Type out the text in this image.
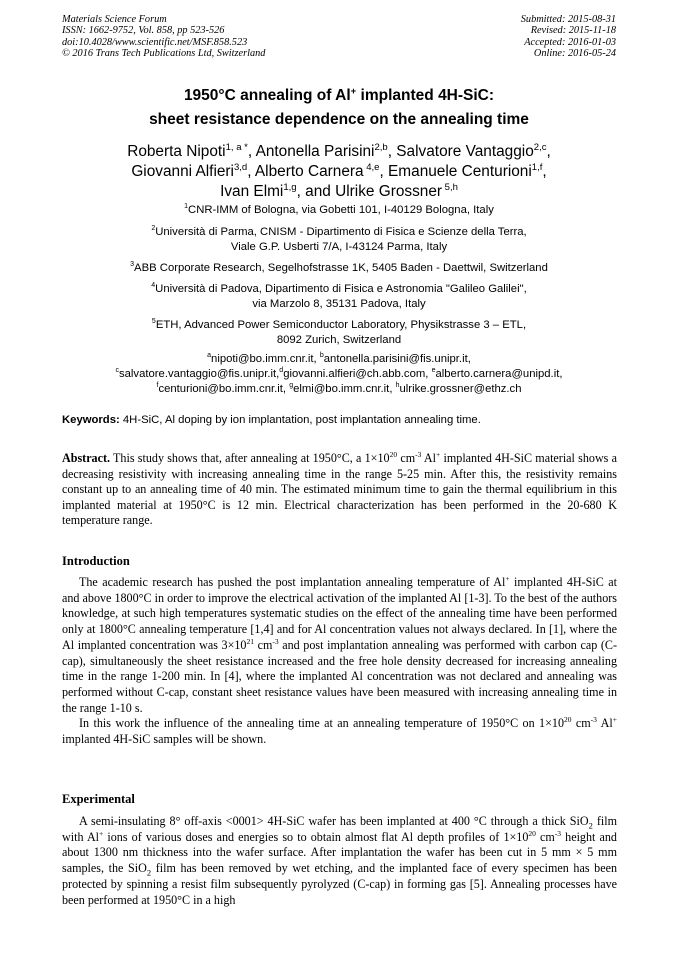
Materials Science Forum
ISSN: 1662-9752, Vol. 858, pp 523-526
doi:10.4028/www.scientific.net/MSF.858.523
© 2016 Trans Tech Publications Ltd, Switzerland
Submitted: 2015-08-31
Revised: 2015-11-18
Accepted: 2016-01-03
Online: 2016-05-24
1950°C annealing of Al+ implanted 4H-SiC:
sheet resistance dependence on the annealing time
Roberta Nipoti$^{1, a *}$, Antonella Parisini$^{2,b}$, Salvatore Vantaggio$^{2,c}$,
Giovanni Alfieri$^{3,d}$, Alberto Carnera $^{4,e}$, Emanuele Centurioni$^{1,f}$,
Ivan Elmi$^{1,g}$, and Ulrike Grossner $^{5,h}$
$^1$CNR-IMM of Bologna, via Gobetti 101, I-40129 Bologna, Italy
$^2$Università di Parma, CNISM - Dipartimento di Fisica e Scienze della Terra,
Viale G.P. Usberti 7/A, I-43124 Parma, Italy
$^3$ABB Corporate Research, Segelhofstrasse 1K, 5405 Baden - Daettwil, Switzerland
$^4$Università di Padova, Dipartimento di Fisica e Astronomia "Galileo Galilei",
via Marzolo 8, 35131 Padova, Italy
$^5$ETH, Advanced Power Semiconductor Laboratory, Physikstrasse 3 – ETL,
8092 Zurich, Switzerland
$^a$nipoti@bo.imm.cnr.it, $^b$antonella.parisini@fis.unipr.it,
$^c$salvatore.vantaggio@fis.unipr.it,$^d$giovanni.alfieri@ch.abb.com, $^e$alberto.carnera@unipd.it,
$^f$centurioni@bo.imm.cnr.it, $^g$elmi@bo.imm.cnr.it, $^h$ulrike.grossner@ethz.ch
Keywords: 4H-SiC, Al doping by ion implantation, post implantation annealing time.
Abstract. This study shows that, after annealing at 1950°C, a $1\times 10^{20}$ $cm^{-3}$ Al+ implanted 4H-SiC material shows a decreasing resistivity with increasing annealing time in the range 5-25 min. After this, the resistivity remains constant up to an annealing time of 40 min. The estimated minimum time to gain the thermal equilibrium in this implanted material at 1950°C is 12 min. Electrical characterization has been performed in the 20-680 K temperature range.
Introduction

The academic research has pushed the post implantation annealing temperature of Al+ implanted 4H-SiC at and above 1800°C in order to improve the electrical activation of the implanted Al [1-3]. To the best of the authors knowledge, at such high temperatures systematic studies on the effect of the annealing time have been performed only at 1800°C annealing temperature [1,4] and for Al concentration values not always declared. In [1], where the Al implanted concentration was $3\times 10^{21}$ $cm^{-3}$ and post implantation annealing was performed with carbon cap (C-cap), simultaneously the sheet resistance increased and the free hole density decreased for increasing annealing time in the range 1-200 min. In [4], where the implanted Al concentration was not declared and annealing was performed without C-cap, constant sheet resistance values have been measured with increasing annealing time in the range 1-10 s.

In this work the influence of the annealing time at an annealing temperature of 1950°C on $1\times 10^{20}$ $cm^{-3}$ Al+ implanted 4H-SiC samples will be shown.

Experimental

A semi-insulating 8° off-axis <0001> 4H-SiC wafer has been implanted at 400 °C through a thick SiO$_2$ film with Al+ ions of various doses and energies so to obtain almost flat Al depth profiles of $1\times 10^{20}$ $cm^{-3}$ height and about 1300 nm thickness into the wafer surface. After implantation the wafer has been cut in 5 mm × 5 mm samples, the SiO$_2$ film has been removed by wet etching, and the implanted face of every specimen has been protected by spinning a resist film subsequently pyrolyzed (C-cap) in forming gas [5]. Annealing processes have been performed at 1950°C in a high
